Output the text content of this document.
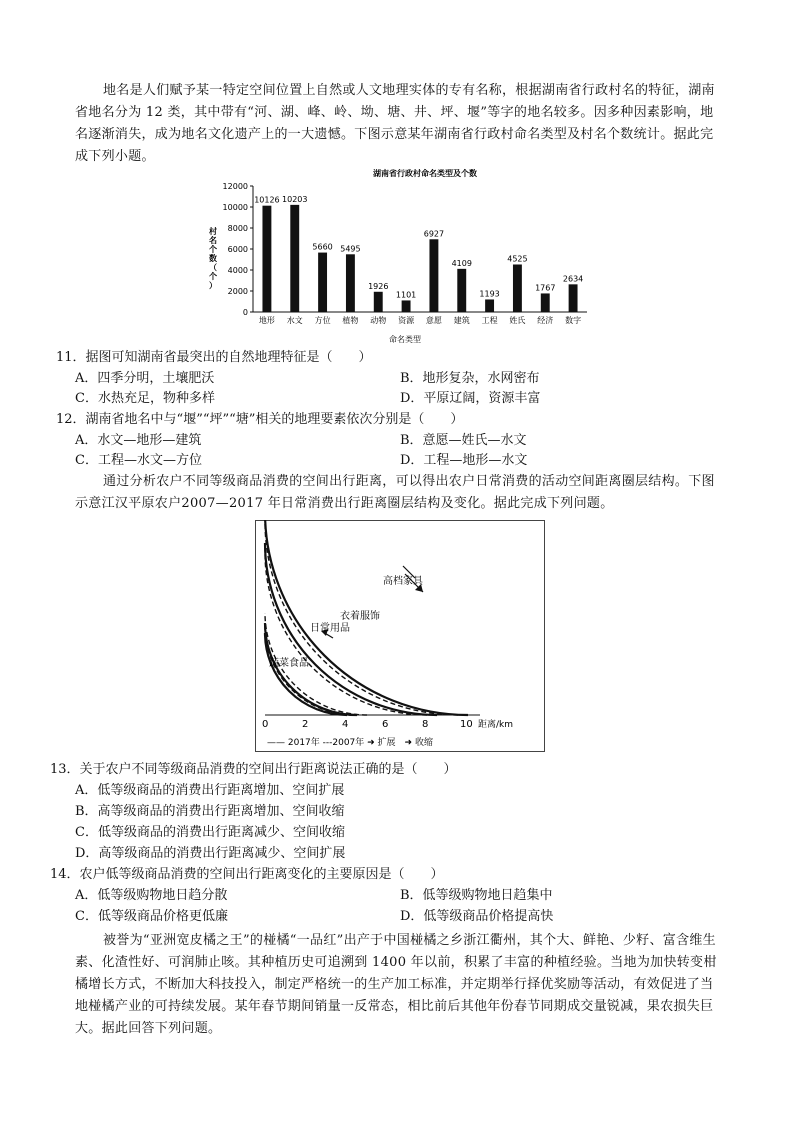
地名是人们赋予某一特定空间位置上自然或人文地理实体的专有名称，根据湖南省行政村名的特征，湖南省地名分为 12 类，其中带有“河、湖、峰、岭、坳、塘、井、坪、堰”等字的地名较多。因多种因素影响，地名逐渐消失，成为地名文化遗产上的一大遗憾。下图示意某年湖南省行政村命名类型及村名个数统计。据此完成下列小题。
湖南省行政村命名类型及个数
命名类型
村名个数（个）
0
2000
4000
6000
8000
10000
12000
10126
地形
10203
水文
5660
方位
5495
植物
1926
动物
1101
资源
6927
意愿
4109
建筑
1193
工程
4525
姓氏
1767
经济
2634
数字
11．据图可知湖南省最突出的自然地理特征是（　　）
A．四季分明，土壤肥沃	B．地形复杂，水网密布
C．水热充足，物种多样	D．平原辽阔，资源丰富
12．湖南省地名中与“堰”“坪”“塘”相关的地理要素依次分别是（　　）
A．水文—地形—建筑	B．意愿—姓氏—水文
C．工程—水文—方位	D．工程—地形—水文
通过分析农户不同等级商品消费的空间出行距离，可以得出农户日常消费的活动空间距离圈层结构。下图示意江汉平原农户2007—2017 年日常消费出行距离圈层结构及变化。据此完成下列问题。
高档家具
衣着服饰
日常用品
蔬菜食品
0	2	4	6	8	10 距离/km
—— 2017年 ---2007年 ➜ 扩展　➜ 收缩
13．关于农户不同等级商品消费的空间出行距离说法正确的是（　　）
A．低等级商品的消费出行距离增加、空间扩展
B．高等级商品的消费出行距离增加、空间收缩
C．低等级商品的消费出行距离减少、空间收缩
D．高等级商品的消费出行距离减少、空间扩展
14．农户低等级商品消费的空间出行距离变化的主要原因是（　　）
A．低等级购物地日趋分散	B．低等级购物地日趋集中
C．低等级商品价格更低廉	D．低等级商品价格提高快
被誉为“亚洲宽皮橘之王”的椪橘“一品红”出产于中国椪橘之乡浙江衢州，其个大、鲜艳、少籽、富含维生素、化渣性好、可润肺止咳。其种植历史可追溯到 1400 年以前，积累了丰富的种植经验。当地为加快转变柑橘增长方式，不断加大科技投入，制定严格统一的生产加工标准，并定期举行择优奖励等活动，有效促进了当地椪橘产业的可持续发展。某年春节期间销量一反常态，相比前后其他年份春节同期成交量锐减，果农损失巨大。据此回答下列问题。
